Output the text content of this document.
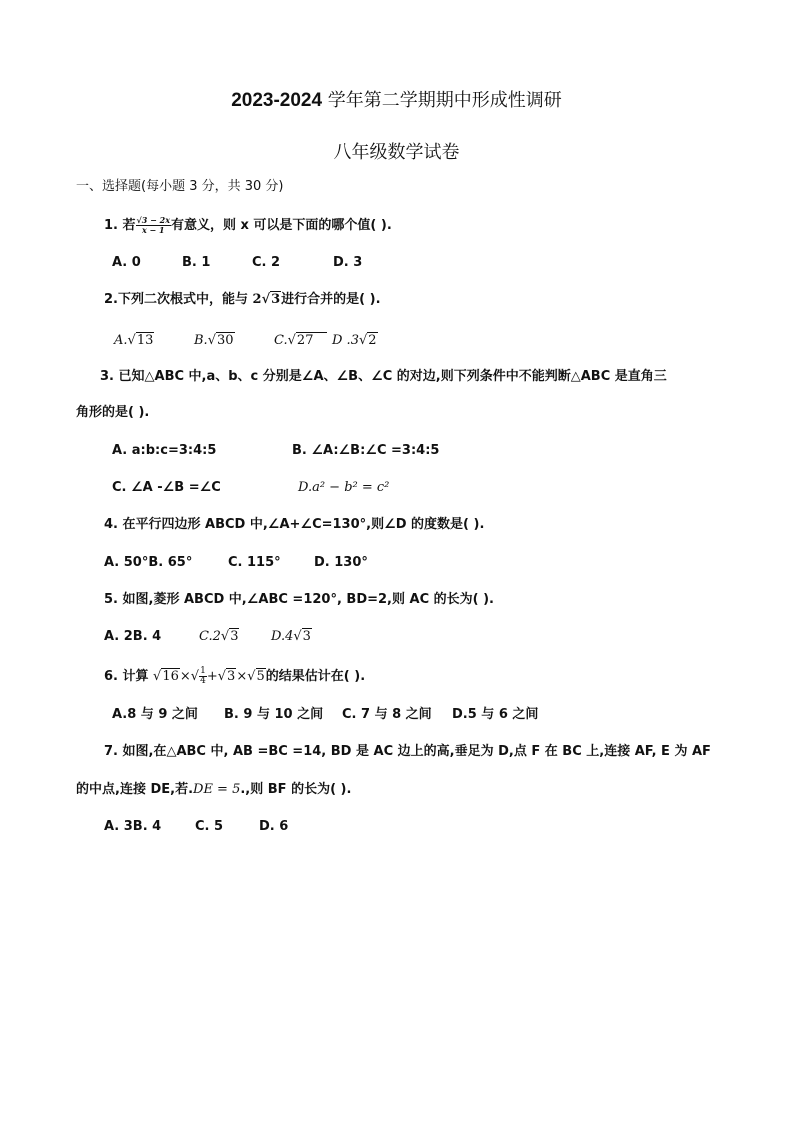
2023-2024 学年第二学期期中形成性调研
八年级数学试卷
一、选择题(每小题 3 分，共 30 分)
1. 若 $\frac{√3 - 2x}{x - 1}$ 有意义，则 x 可以是下面的哪个值( ).
A. 0	B. 1	C. 2	D. 3
2.下列二次根式中，能与 2√3进行合并的是( ).
A.√13	B.√30	C.√27 D .3√2
3. 已知△ABC 中,a、b、c 分别是∠A、∠B、∠C 的对边,则下列条件中不能判断△ABC 是直角三
角形的是( ).
A. a:b:c=3:4:5	B. ∠A:∠B:∠C =3:4:5
C. ∠A -∠B =∠C	D.a² − b² = c²
4. 在平行四边形 ABCD 中,∠A+∠C=130°,则∠D 的度数是( ).
A. 50°B. 65°	C. 115°	D. 130°
5. 如图,菱形 ABCD 中,∠ABC =120°, BD=2,则 AC 的长为( ).
A. 2B. 4	C.2√3	D.4√3
6. 计算 $√16\times√ \frac{1}{4} +√3\times√5$的结果估计在( ).
A.8 与 9 之间 B. 9 与 10 之间 C. 7 与 8 之间 D.5 与 6 之间
7. 如图,在△ABC 中, AB =BC =14, BD 是 AC 边上的高,垂足为 D,点 F 在 BC 上,连接 AF, E 为 AF
的中点,连接 DE,若.DE = 5.,则 BF 的长为( ).
A. 3B. 4	C. 5	D. 6
